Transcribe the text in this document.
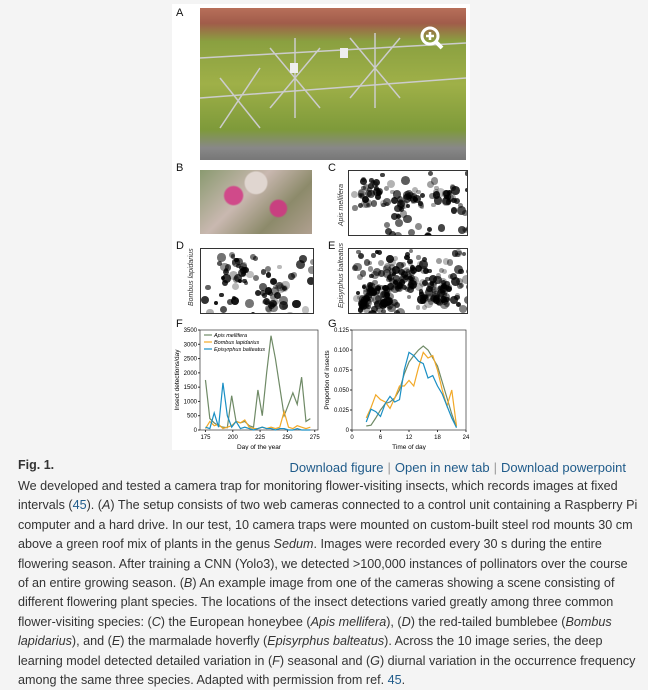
A
B	C
Apis mellifera
D
Bombus lapidarius
E Episyrphus balteatus
F	G
175	200	225	250	275
0
500
1000
1500
2000
2500
3000
3500
Day of the year
Insect detections/day
Apis mellifera
Bombus lapidarius
Episyrphus balteatus
0	6	12	18	24
0
0.025
0.050
0.075
0.100
0.125
Time of day
Proportion of insects
Fig. 1.	Download figure | Open in new tab | Download powerpoint
We developed and tested a camera trap for monitoring flower-visiting insects, which records images at fixed intervals (45). (A) The setup consists of two web cameras connected to a control unit containing a Raspberry Pi computer and a hard drive. In our test, 10 camera traps were mounted on custom-built steel rod mounts 30 cm above a green roof mix of plants in the genus Sedum. Images were recorded every 30 s during the entire flowering season. After training a CNN (Yolo3), we detected >100,000 instances of pollinators over the course of an entire growing season. (B) An example image from one of the cameras showing a scene consisting of different flowering plant species. The locations of the insect detections varied greatly among three common flower-visiting species: (C) the European honeybee (Apis mellifera), (D) the red-tailed bumblebee (Bombus lapidarius), and (E) the marmalade hoverfly (Episyrphus balteatus). Across the 10 image series, the deep learning model detected detailed variation in (F) seasonal and (G) diurnal variation in the occurrence frequency among the same three species. Adapted with permission from ref. 45.
